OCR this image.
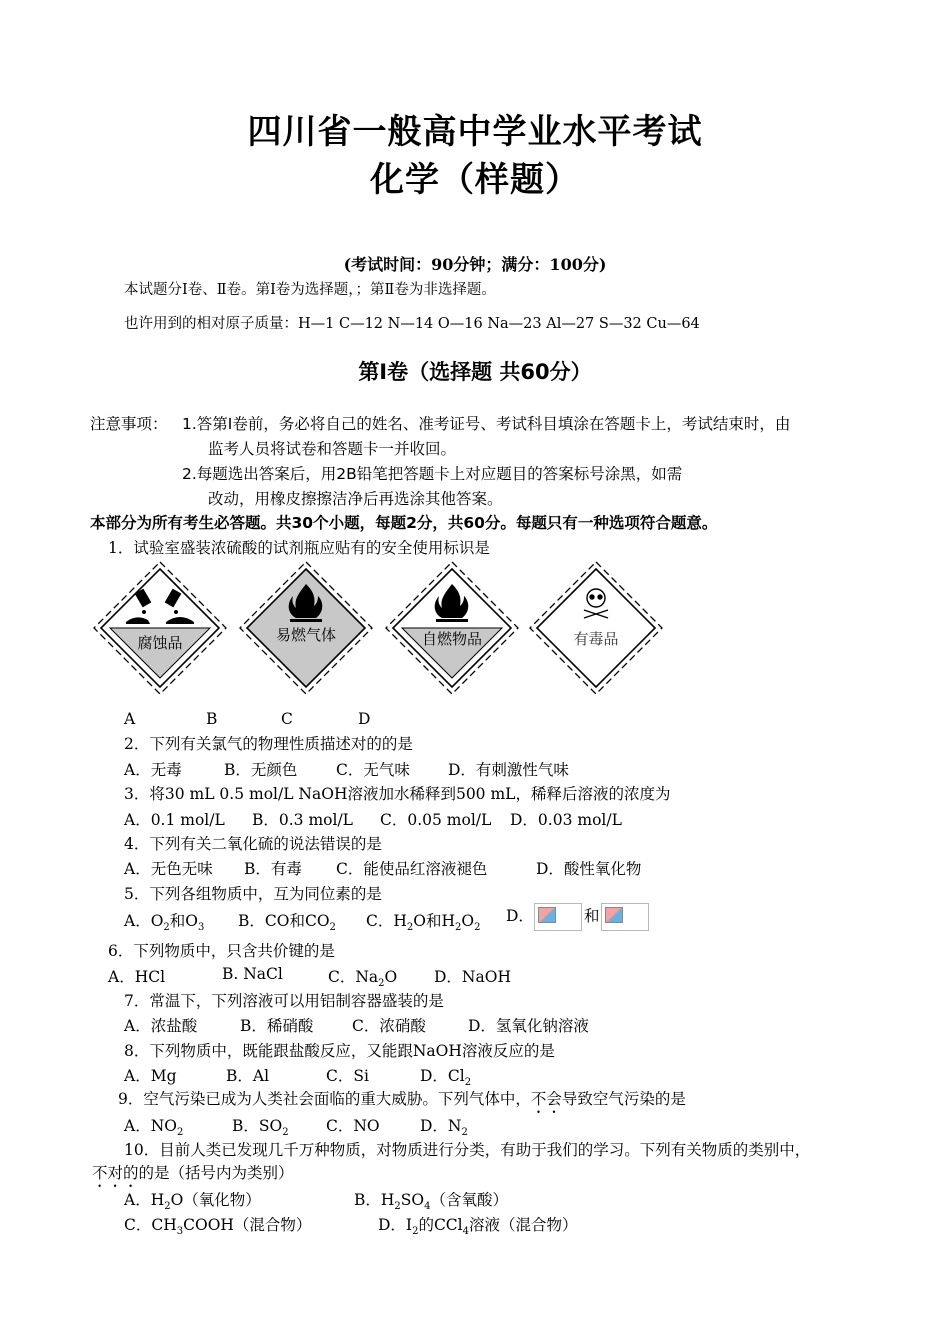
四川省一般高中学业水平考试
化学（样题）
(考试时间：90分钟；满分：100分)
本试题分Ⅰ卷、Ⅱ卷。第Ⅰ卷为选择题，；第Ⅱ卷为非选择题。
也许用到的相对原子质量：H—1 C—12 N—14 O—16 Na—23 Al—27 S—32 Cu—64
第Ⅰ卷（选择题 共60分）
注意事项： 1.答第Ⅰ卷前，务必将自己的姓名、准考证号、考试科目填涂在答题卡上，考试结束时，由
监考人员将试卷和答题卡一并收回。
2.每题选出答案后，用2B铅笔把答题卡上对应题目的答案标号涂黑，如需
改动，用橡皮擦擦洁净后再选涂其他答案。
本部分为所有考生必答题。共30个小题，每题2分，共60分。每题只有一种选项符合题意。
1．试验室盛装浓硫酸的试剂瓶应贴有的安全使用标识是
腐蚀品	易燃气体	自燃物品	有毒品
A	B	C	D
2．下列有关氯气的物理性质描述对的的是
A．无毒	B．无颜色 C．无气味 D．有刺激性气味
3．将30 mL 0.5 mol/L NaOH溶液加水稀释到500 mL，稀释后溶液的浓度为
A．0.1 mol/L B．0.3 mol/L C．0.05 mol/L D．0.03 mol/L
4．下列有关二氧化硫的说法错误的是
A．无色无味 B．有毒 C．能使品红溶液褪色	D．酸性氧化物
5．下列各组物质中，互为同位素的是
A．$O_2$和$O_3$ B．CO和$CO_2$ C．$H_2O$和$H_2O_2$
D．	和
6．下列物质中，只含共价键的是
A．HCl	B. NaCl	C．$Na_2O$ D．NaOH
7．常温下，下列溶液可以用铝制容器盛装的是
A．浓盐酸	B．稀硝酸 C．浓硝酸	D．氢氧化钠溶液
8．下列物质中，既能跟盐酸反应，又能跟NaOH溶液反应的是
A．Mg	B．Al	C．Si	D．$Cl_2$
9．空气污染已成为人类社会面临的重大威胁。下列气体中，不会导致空气污染的是
A．$NO_2$	B．$SO_2$ C．NO	D．$N_2$
10．目前人类已发现几千万种物质，对物质进行分类，有助于我们的学习。下列有关物质的类别中，
不对的的是（括号内为类别）
A．$H_2O$（氧化物）	B．$H_2SO_4$（含氧酸）
C．$CH_3COOH$（混合物）	D．$I_2$的CCl$_4$溶液（混合物）
